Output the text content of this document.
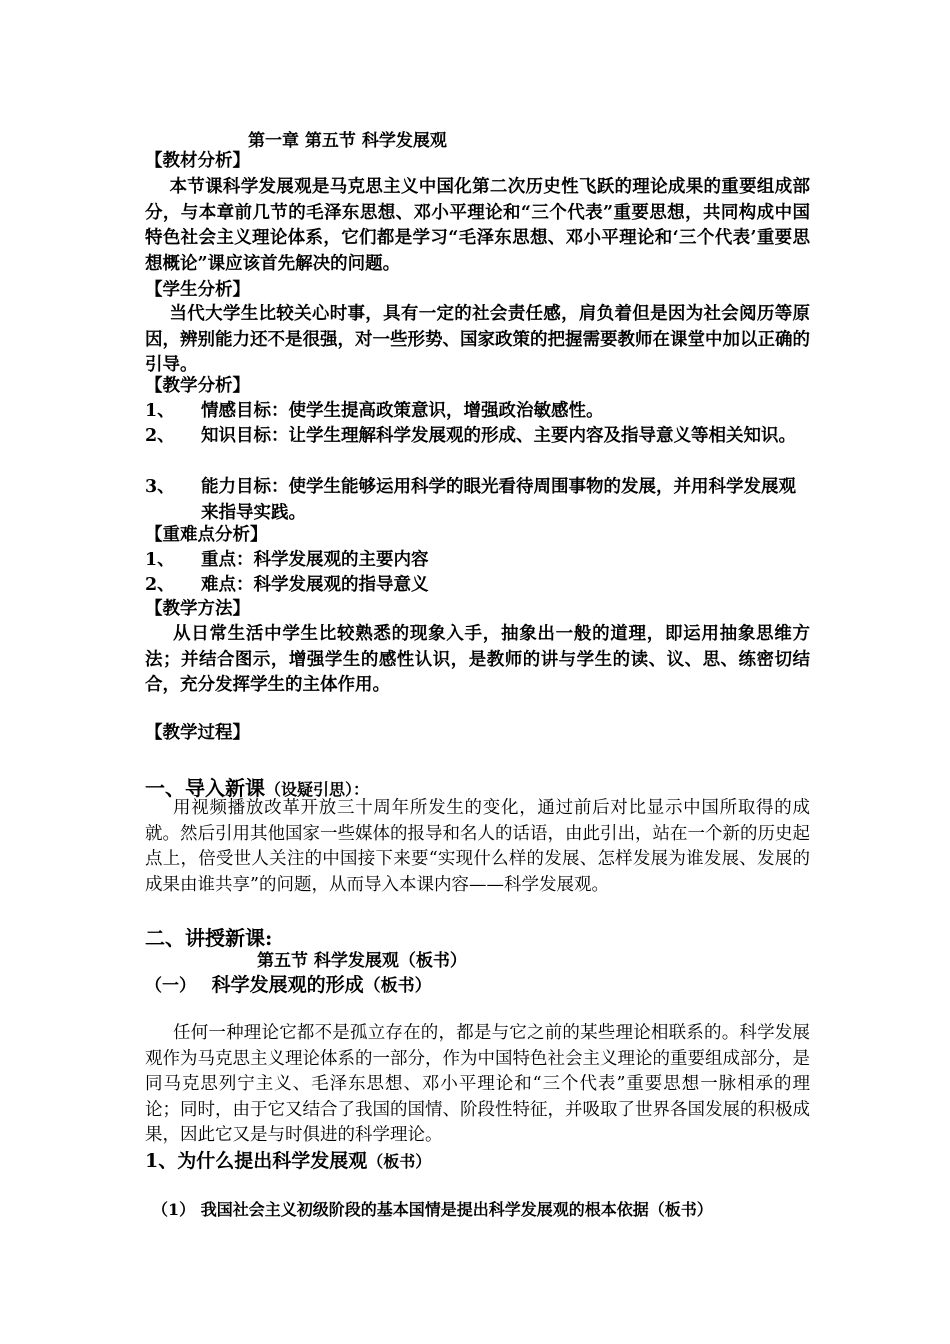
第一章 第五节 科学发展观
【教材分析】
本节课科学发展观是马克思主义中国化第二次历史性飞跃的理论成果的重要组成部分，与本章前几节的毛泽东思想、邓小平理论和“三个代表”重要思想，共同构成中国特色社会主义理论体系，它们都是学习“毛泽东思想、邓小平理论和‘三个代表’重要思想概论”课应该首先解决的问题。
【学生分析】
当代大学生比较关心时事，具有一定的社会责任感，肩负着但是因为社会阅历等原因，辨别能力还不是很强，对一些形势、国家政策的把握需要教师在课堂中加以正确的引导。
【教学分析】
1、 情感目标：使学生提高政策意识，增强政治敏感性。
2、 知识目标：让学生理解科学发展观的形成、主要内容及指导意义等相关知识。
3、 能力目标：使学生能够运用科学的眼光看待周围事物的发展，并用科学发展观来指导实践。
【重难点分析】
1、 重点：科学发展观的主要内容
2、 难点：科学发展观的指导意义
【教学方法】
从日常生活中学生比较熟悉的现象入手，抽象出一般的道理，即运用抽象思维方法；并结合图示，增强学生的感性认识，是教师的讲与学生的读、议、思、练密切结合，充分发挥学生的主体作用。
【教学过程】
一、导入新课（设疑引思）：
用视频播放改革开放三十周年所发生的变化，通过前后对比显示中国所取得的成就。然后引用其他国家一些媒体的报导和名人的话语，由此引出，站在一个新的历史起点上，倍受世人关注的中国接下来要“实现什么样的发展、怎样发展为谁发展、发展的成果由谁共享”的问题，从而导入本课内容——科学发展观。
二、讲授新课:
第五节 科学发展观（板书）
（一） 科学发展观的形成（板书）
任何一种理论它都不是孤立存在的，都是与它之前的某些理论相联系的。科学发展观作为马克思主义理论体系的一部分，作为中国特色社会主义理论的重要组成部分，是同马克思列宁主义、毛泽东思想、邓小平理论和“三个代表”重要思想一脉相承的理论；同时，由于它又结合了我国的国情、阶段性特征，并吸取了世界各国发展的积极成果，因此它又是与时俱进的科学理论。
1、为什么提出科学发展观（板书）
（1） 我国社会主义初级阶段的基本国情是提出科学发展观的根本依据（板书）
